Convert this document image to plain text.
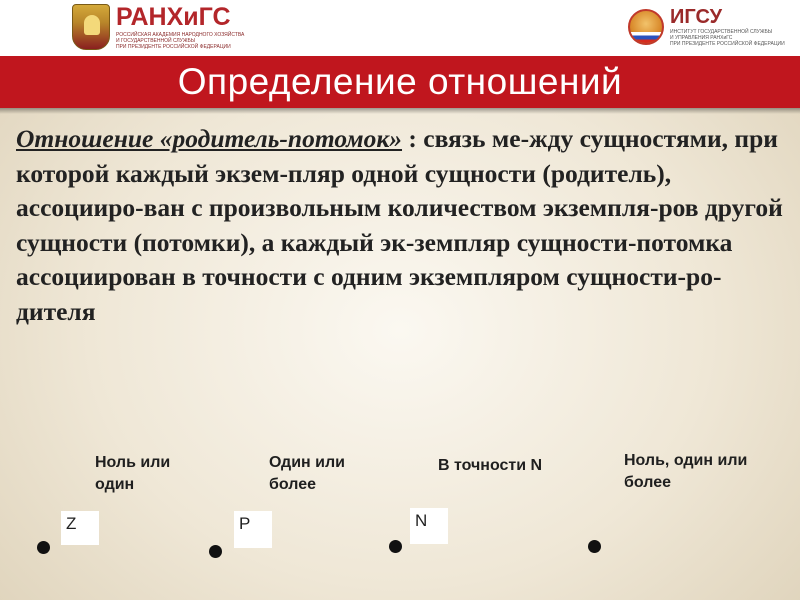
РАНХиГС
РОССИЙСКАЯ АКАДЕМИЯ НАРОДНОГО ХОЗЯЙСТВА
И ГОСУДАРСТВЕННОЙ СЛУЖБЫ
ПРИ ПРЕЗИДЕНТЕ РОССИЙСКОЙ ФЕДЕРАЦИИ
ИГСУ
ИНСТИТУТ ГОСУДАРСТВЕННОЙ СЛУЖБЫ
И УПРАВЛЕНИЯ РАНХиГС
ПРИ ПРЕЗИДЕНТЕ РОССИЙСКОЙ ФЕДЕРАЦИИ
Определение отношений
Отношение «родитель-потомок» : связь ме-жду сущностями, при которой каждый экзем-пляр одной сущности (родитель), ассоцииро-ван с произвольным количеством экземпля-ров другой сущности (потомки), а каждый эк-земпляр сущности-потомка ассоциирован в точности с одним экземпляром сущности-ро-дителя
Ноль или
один
Один или
более
В точности N	Ноль, один или
более
Z	P	N
